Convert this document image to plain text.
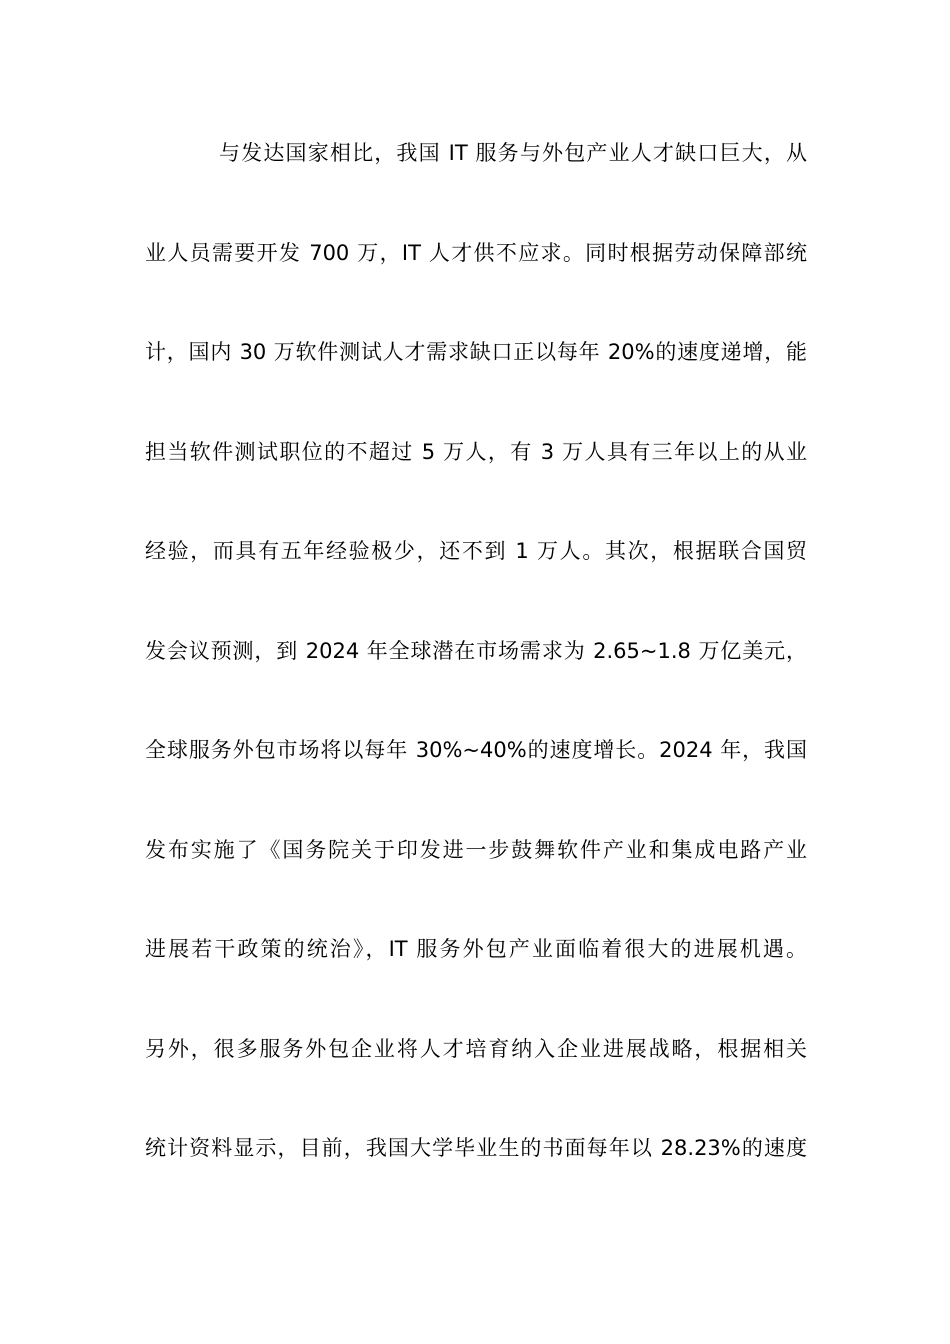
与发达国家相比，我国 IT 服务与外包产业人才缺口巨大，从
业人员需要开发 700 万，IT 人才供不应求。同时根据劳动保障部统
计，国内 30 万软件测试人才需求缺口正以每年 20%的速度递增，能
担当软件测试职位的不超过 5 万人，有 3 万人具有三年以上的从业
经验，而具有五年经验极少，还不到 1 万人。其次，根据联合国贸
发会议预测，到 2024 年全球潜在市场需求为 2.65~1.8 万亿美元，
全球服务外包市场将以每年 30%~40%的速度增长。2024 年，我国
发布实施了《国务院关于印发进一步鼓舞软件产业和集成电路产业
进展若干政策的统治》，IT 服务外包产业面临着很大的进展机遇。
另外，很多服务外包企业将人才培育纳入企业进展战略，根据相关
统计资料显示，目前，我国大学毕业生的书面每年以 28.23%的速度
